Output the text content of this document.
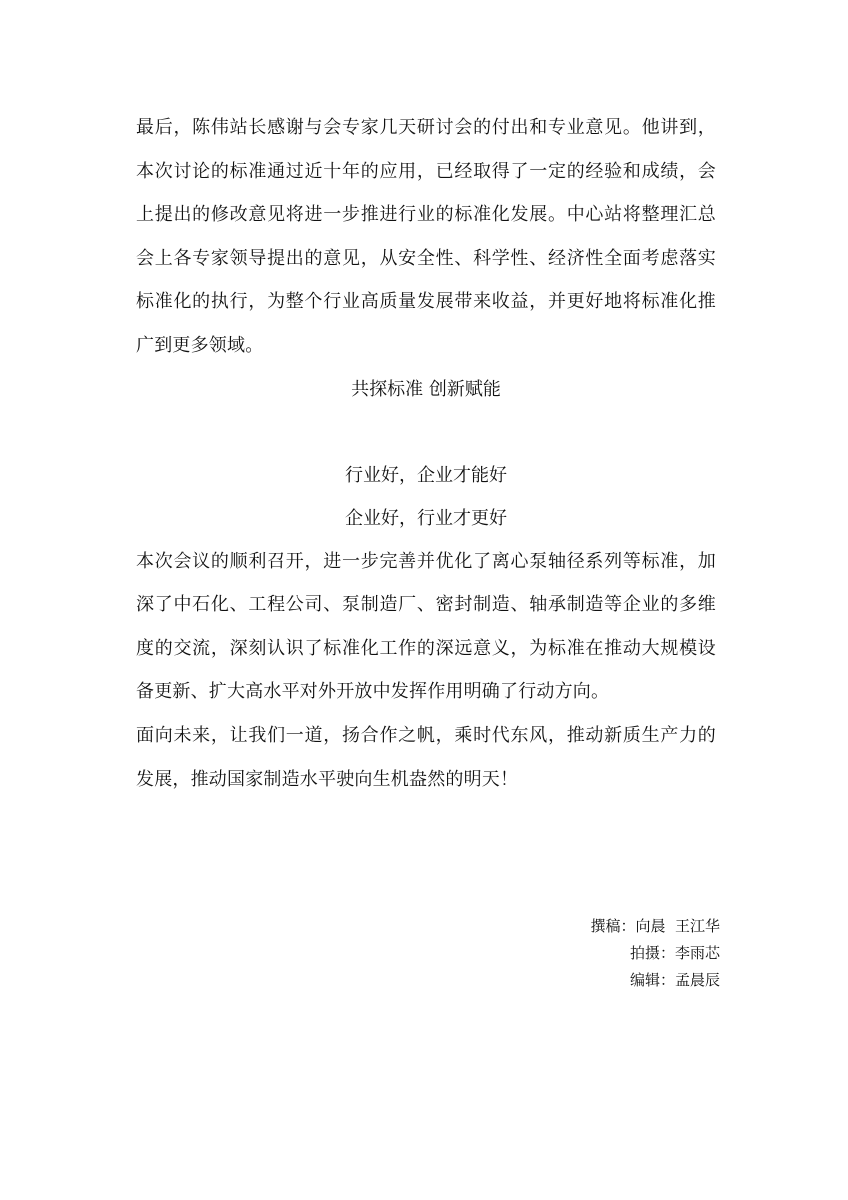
最后，陈伟站长感谢与会专家几天研讨会的付出和专业意见。他讲到，本次讨论的标准通过近十年的应用，已经取得了一定的经验和成绩，会上提出的修改意见将进一步推进行业的标准化发展。中心站将整理汇总会上各专家领导提出的意见，从安全性、科学性、经济性全面考虑落实标准化的执行，为整个行业高质量发展带来收益，并更好地将标准化推广到更多领域。

共探标准 创新赋能

行业好，企业才能好

企业好，行业才更好

本次会议的顺利召开，进一步完善并优化了离心泵轴径系列等标准，加深了中石化、工程公司、泵制造厂、密封制造、轴承制造等企业的多维度的交流，深刻认识了标准化工作的深远意义，为标准在推动大规模设备更新、扩大高水平对外开放中发挥作用明确了行动方向。

面向未来，让我们一道，扬合作之帆，乘时代东风，推动新质生产力的发展，推动国家制造水平驶向生机盎然的明天！

撰稿：向晨  王江华
拍摄：李雨芯
编辑：孟晨辰
